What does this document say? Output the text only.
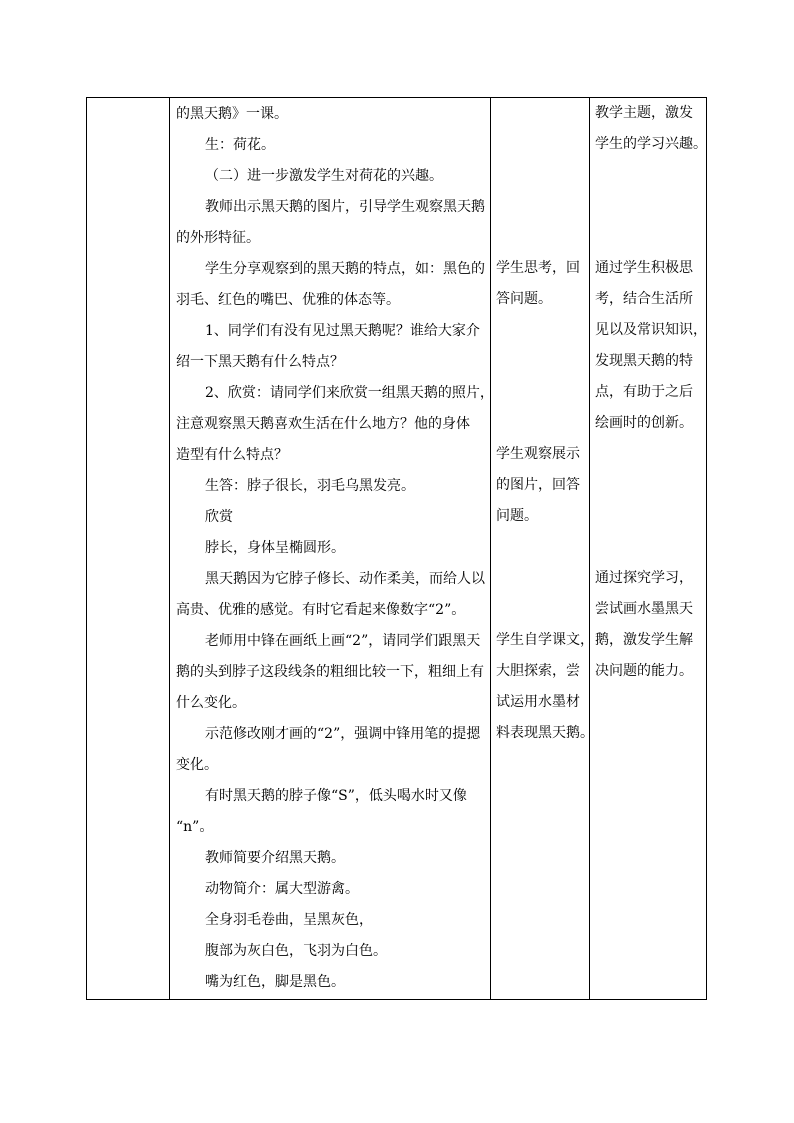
的黑天鹅》一课。
生：荷花。
（二）进一步激发学生对荷花的兴趣。
教师出示黑天鹅的图片，引导学生观察黑天鹅
的外形特征。
学生分享观察到的黑天鹅的特点，如：黑色的
羽毛、红色的嘴巴、优雅的体态等。
1、同学们有没有见过黑天鹅呢？谁给大家介
绍一下黑天鹅有什么特点？
2、欣赏：请同学们来欣赏一组黑天鹅的照片，
注意观察黑天鹅喜欢生活在什么地方？他的身体
造型有什么特点？
生答：脖子很长，羽毛乌黑发亮。
欣赏
脖长，身体呈椭圆形。
黑天鹅因为它脖子修长、动作柔美，而给人以
高贵、优雅的感觉。有时它看起来像数字“2”。
老师用中锋在画纸上画“2”，请同学们跟黑天
鹅的头到脖子这段线条的粗细比较一下，粗细上有
什么变化。
示范修改刚才画的“2”，强调中锋用笔的提摁
变化。
有时黑天鹅的脖子像“S”，低头喝水时又像
“n”。
教师简要介绍黑天鹅。
动物简介：属大型游禽。
全身羽毛卷曲，呈黑灰色，
腹部为灰白色，飞羽为白色。
嘴为红色，脚是黑色。
学生思考，回
答问题。
学生观察展示
的图片，回答
问题。
学生自学课文，
大胆探索，尝
试运用水墨材
料表现黑天鹅。
教学主题，激发
学生的学习兴趣。
通过学生积极思
考，结合生活所
见以及常识知识，
发现黑天鹅的特
点，有助于之后
绘画时的创新。
通过探究学习，
尝试画水墨黑天
鹅，激发学生解
决问题的能力。
